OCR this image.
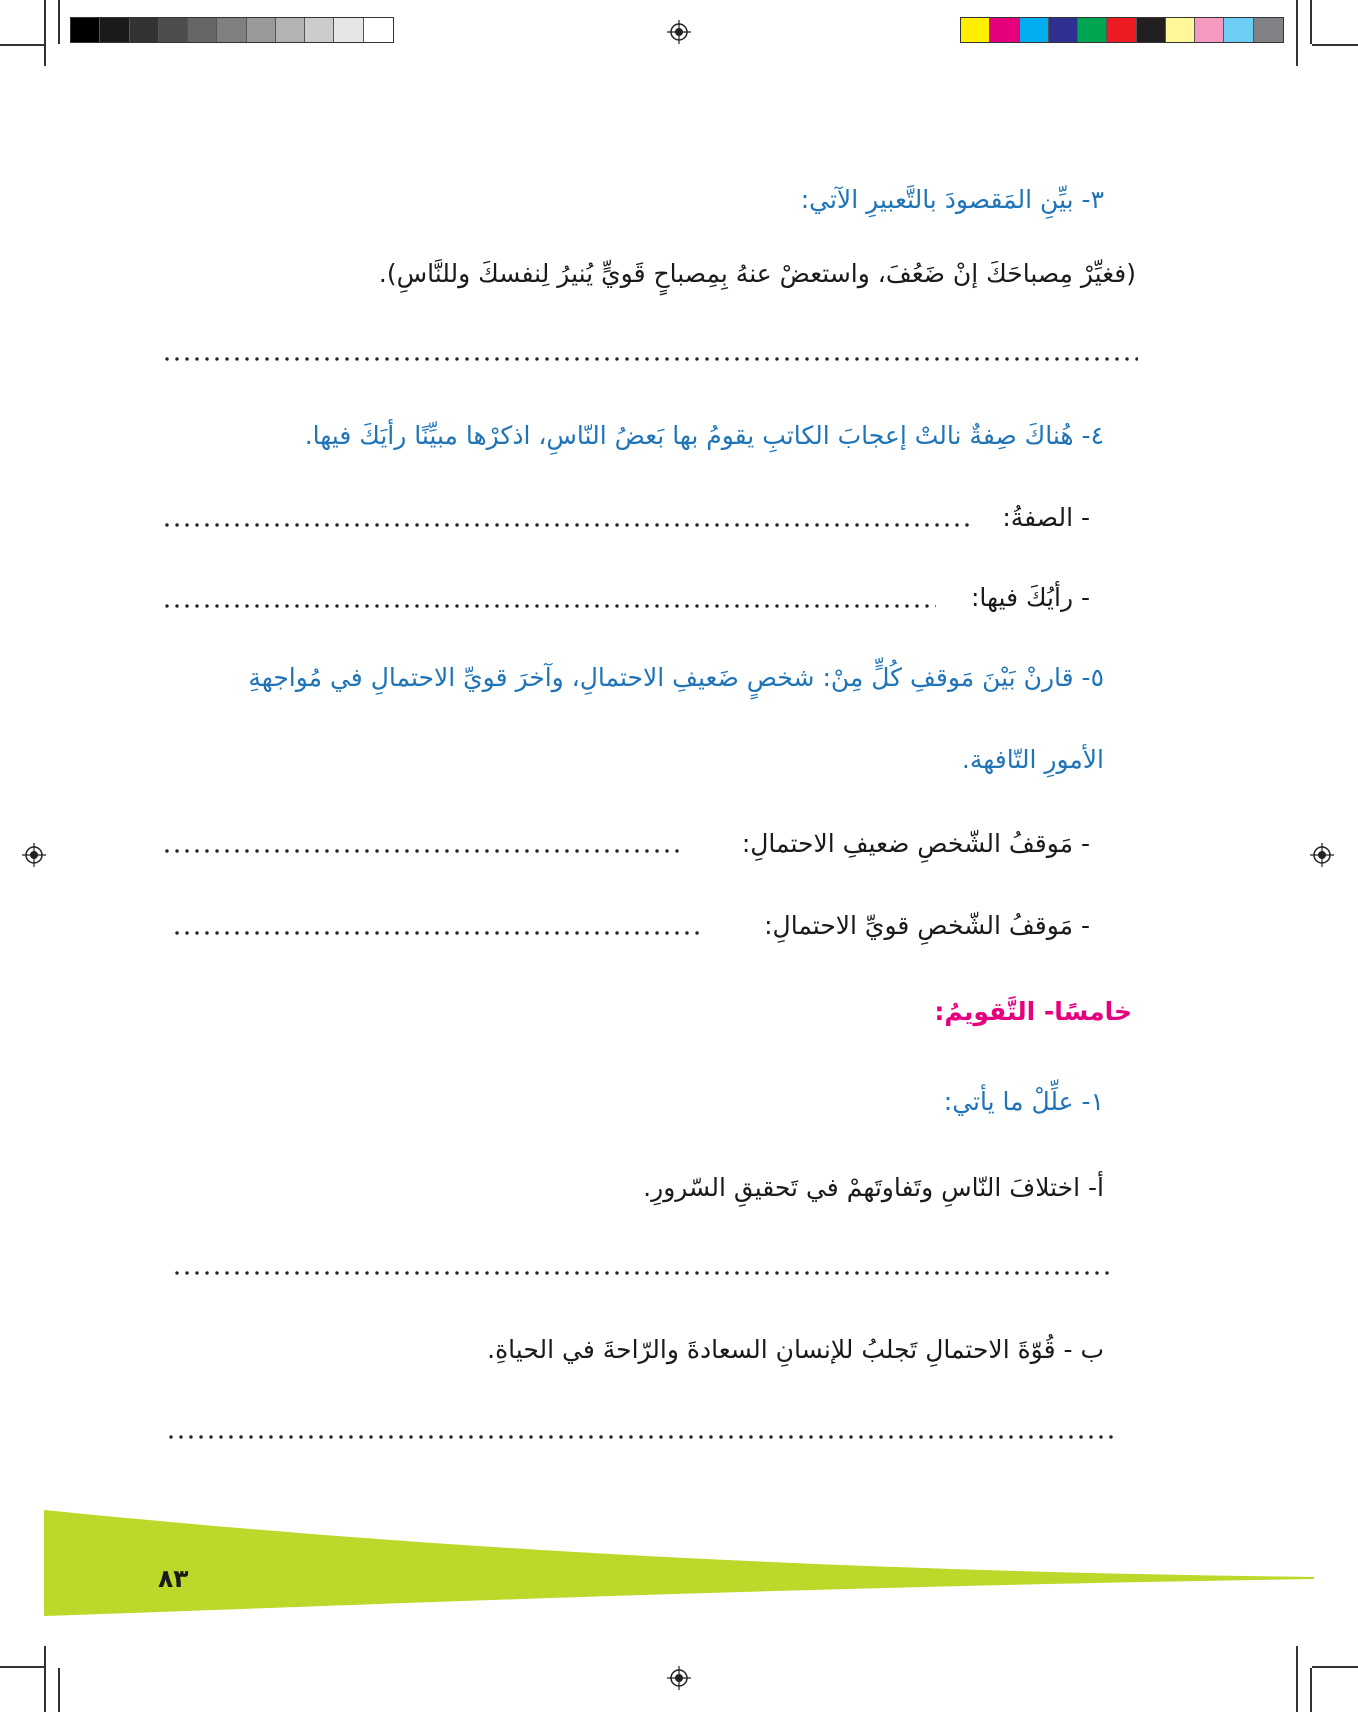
٣- بيِّنِ المَقصودَ بالتَّعبيرِ الآتي:
(فغيِّرْ مِصباحَكَ إنْ ضَعُفَ، واستعضْ عنهُ بِمِصباحٍ قَويٍّ يُنيرُ لِنفسكَ وللنَّاسِ).
٤- هُناكَ صِفةٌ نالتْ إعجابَ الكاتبِ يقومُ بها بَعضُ النّاسِ، اذكرْها مبيِّنًا رأيَكَ فيها.
- الصفةُ:
- رأيُكَ فيها:
٥- قارنْ بَيْنَ مَوقفِ كُلٍّ مِنْ: شخصٍ ضَعيفِ الاحتمالِ، وآخرَ قويِّ الاحتمالِ في مُواجهةِ
الأمورِ التّافهة.
- مَوقفُ الشّخصِ ضعيفِ الاحتمالِ:
- مَوقفُ الشّخصِ قويِّ الاحتمالِ:
خامسًا- التَّقويمُ:
١- علِّلْ ما يأتي:
أ- اختلافَ النّاسِ وتَفاوتَهمْ في تَحقيقِ السّرورِ.
ب - قُوّةَ الاحتمالِ تَجلبُ للإنسانِ السعادةَ والرّاحةَ في الحياةِ.
٨٣
